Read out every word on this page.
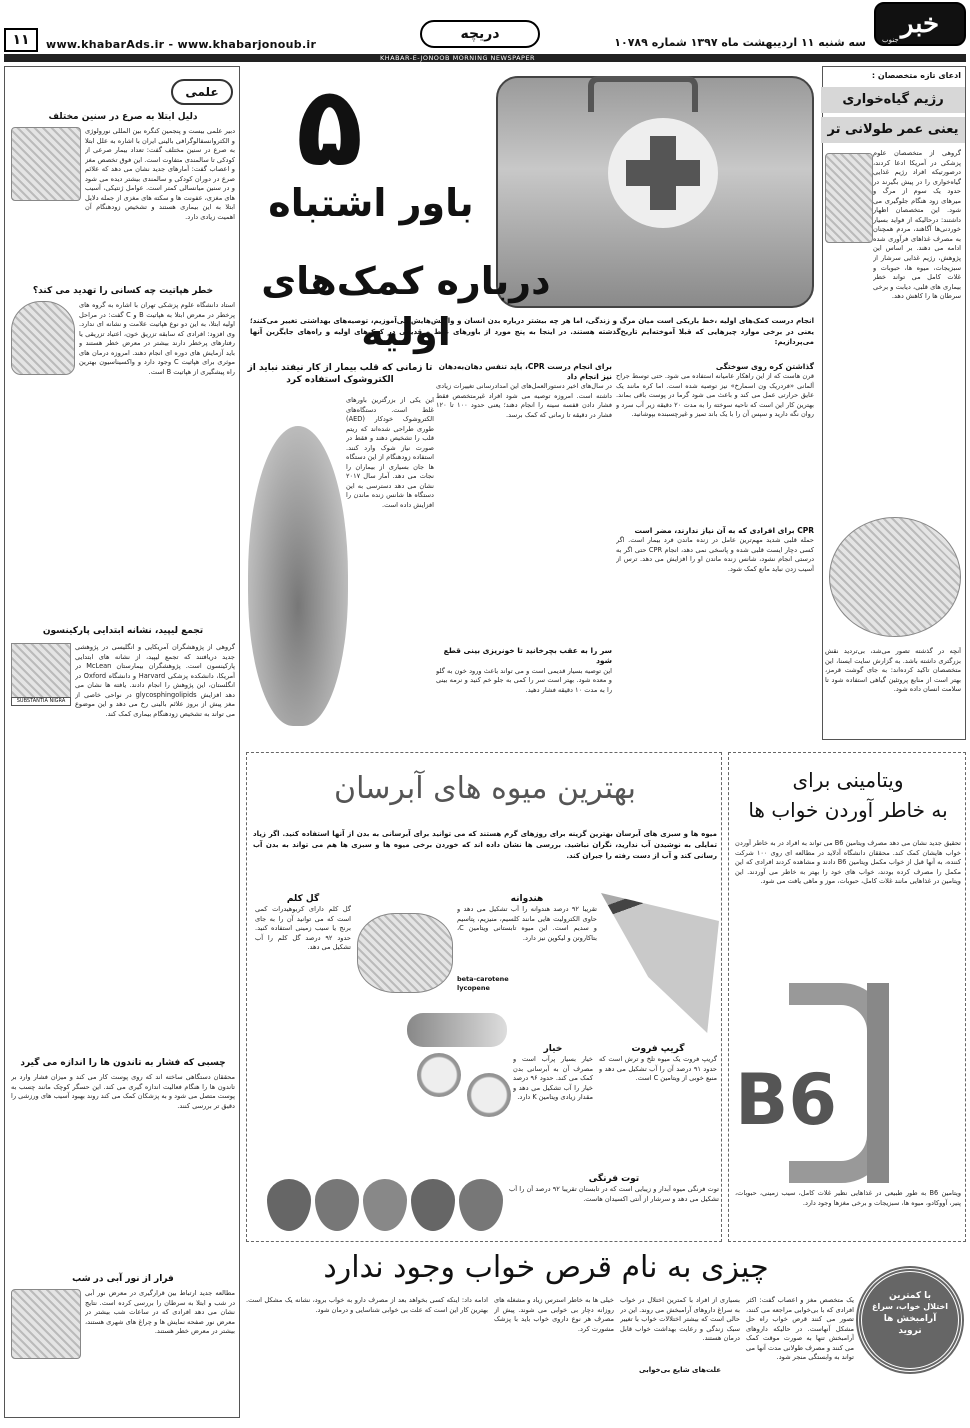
خبر
جنوب
سه شنبه ۱۱ اردیبهشت ماه ۱۳۹۷ شماره ۱۰۷۸۹
دریچه
www.khabarAds.ir - www.khabarjonoub.ir
۱۱
KHABAR-E-JONOOB MORNING NEWSPAPER
علمی
دلیل ابتلا به صرع در سنین مختلف
دبیر علمی بیست و پنجمین کنگره بین المللی نورولوژی و الکتروانسفالوگرافی بالینی ایران با اشاره به علل ابتلا به صرع در سنین مختلف گفت: تعداد بیمار صرعی از کودکی تا سالمندی متفاوت است. این فوق تخصص مغز و اعصاب گفت: آمارهای جدید نشان می دهد که علائم صرع در دوران کودکی و سالمندی بیشتر دیده می شود و در سنین میانسالی کمتر است. عوامل ژنتیکی، آسیب های مغزی، عفونت ها و سکته های مغزی از جمله دلایل ابتلا به این بیماری هستند و تشخیص زودهنگام آن اهمیت زیادی دارد.
خطر هپاتیت چه کسانی را تهدید می کند؟
استاد دانشگاه علوم پزشکی تهران با اشاره به گروه های پرخطر در معرض ابتلا به هپاتیت B و C گفت: در مراحل اولیه ابتلا، به این دو نوع هپاتیت علامت و نشانه ای ندارد. وی افزود: افرادی که سابقه تزریق خون، اعتیاد تزریقی یا رفتارهای پرخطر دارند بیشتر در معرض خطر هستند و باید آزمایش های دوره ای انجام دهند. امروزه درمان های موثری برای هپاتیت C وجود دارد و واکسیناسیون بهترین راه پیشگیری از هپاتیت B است.
تجمع لیپید، نشانه ابتدایی پارکینسون
SUBSTANTIA NIGRA
گروهی از پژوهشگران آمریکایی و انگلیسی در پژوهشی جدید دریافتند که تجمع لیپید، از نشانه های ابتدایی پارکینسون است. پژوهشگران بیمارستان McLean در آمریکا، دانشکده پزشکی Harvard و دانشگاه Oxford در انگلستان، این پژوهش را انجام دادند. یافته ها نشان می دهد افزایش glycosphingolipids در نواحی خاصی از مغز پیش از بروز علائم بالینی رخ می دهد و این موضوع می تواند به تشخیص زودهنگام بیماری کمک کند.
چسبی که فشار به تاندون ها را اندازه می گیرد
محققان دستگاهی ساخته اند که روی پوست کار می کند و میزان فشار وارد بر تاندون ها را هنگام فعالیت اندازه گیری می کند. این حسگر کوچک مانند چسب به پوست متصل می شود و به پزشکان کمک می کند روند بهبود آسیب های ورزشی را دقیق تر بررسی کنند.
فرار از نور آبی در شب
مطالعه جدید ارتباط بین قرارگیری در معرض نور آبی در شب و ابتلا به سرطان را بررسی کرده است. نتایج نشان می دهد افرادی که در ساعات شب بیشتر در معرض نور صفحه نمایش ها و چراغ های شهری هستند، بیشتر در معرض خطر هستند.
۵
باور اشتباه
درباره کمک‌های اولیه
انجام درست کمک‌های اولیه ،خط باریکی است میان مرگ و زندگی، اما هر چه بیشتر درباره بدن انسان و واکنش‌هایش می‌آموزیم، توصیه‌های بهداشتی تغییر می‌کنند؛ یعنی در برخی موارد چیزهایی که قبلا آموخته‌ایم تاریخ‌گذشته هستند. در اینجا به پنج مورد از باورهای غلط و قدیمی در کمک‌های اولیه و راه‌های جایگزین آنها می‌پردازیم:
گذاشتن کره روی سوختگی
قرن هاست که از این راهکار عامیانه استفاده می شود. حتی توسط جراح آلمانی «فردریک ون اسمارخ» نیز توصیه شده است. اما کره مانند یک عایق حرارتی عمل می کند و باعث می شود گرما در پوست باقی بماند. بهترین کار این است که ناحیه سوخته را به مدت ۲۰ دقیقه زیر آب سرد و روان نگه دارید و سپس آن را با یک باند تمیز و غیرچسبنده بپوشانید.
CPR برای افرادی که به آن نیاز ندارند، مضر است
حمله قلبی شدید مهم‌ترین عامل در زنده ماندن فرد بیمار است. اگر کسی دچار ایست قلبی شده و پاسخی نمی دهد، انجام CPR حتی اگر به درستی انجام نشود، شانس زنده ماندن او را افزایش می دهد. ترس از آسیب زدن نباید مانع کمک شود.
برای انجام درست CPR، باید تنفس دهان‌به‌دهان نیز انجام داد
در سال‌های اخیر دستورالعمل‌های این امدادرسانی تغییرات زیادی داشته است. امروزه توصیه می شود افراد غیرمتخصص فقط فشار دادن قفسه سینه را انجام دهند؛ یعنی حدود ۱۰۰ تا ۱۲۰ فشار در دقیقه تا زمانی که کمک برسد.
سر را به عقب بچرخانید تا خونریزی بینی قطع شود
این توصیه بسیار قدیمی است و می تواند باعث ورود خون به گلو و معده شود. بهتر است سر را کمی به جلو خم کنید و نرمه بینی را به مدت ۱۰ دقیقه فشار دهید.
تا زمانی که قلب بیمار از کار نیفتد نباید از الکتروشوک استفاده کرد
این یکی از بزرگترین باورهای غلط است. دستگاه‌های الکتروشوک خودکار (AED) طوری طراحی شده‌اند که ریتم قلب را تشخیص دهند و فقط در صورت نیاز شوک وارد کنند. استفاده زودهنگام از این دستگاه ها جان بسیاری از بیماران را نجات می دهد. آمار سال ۲۰۱۷ نشان می دهد دسترسی به این دستگاه ها شانس زنده ماندن را افزایش داده است.
ادعای تازه متخصصان :
رژیم گیاه‌خواری
یعنی عمر طولانی تر
گروهی از متخصصان علوم پزشکی در آمریکا ادعا کردند، درصورتیکه افراد رژیم غذایی گیاه‌خواری را در پیش بگیرند در حدود یک سوم از مرگ و میرهای زود هنگام جلوگیری می شود. این متخصصان اظهار داشتند: درحالیکه از فواید بسیار خوردنی‌ها آگاهند، مردم همچنان به مصرف غذاهای فرآوری شده ادامه می دهند. بر اساس این پژوهش، رژیم غذایی سرشار از سبزیجات، میوه ها، حبوبات و غلات کامل می تواند خطر بیماری های قلبی، دیابت و برخی سرطان ها را کاهش دهد.
آنچه در گذشته تصور می‌شد، بی‌تردید نقش بزرگتری داشته باشد. به گزارش سایت ایسنا، این متخصصان تاکید کرده‌اند: به جای گوشت قرمز، بهتر است از منابع پروتئین گیاهی استفاده شود تا سلامت انسان داده شود.
بهترین میوه های آبرسان
میوه ها و سبزی های آبرسان بهترین گزینه برای روزهای گرم هستند که می توانید برای آبرسانی به بدن از آنها استفاده کنید. اگر زیاد تمایلی به نوشیدن آب ندارید، نگران نباشید. بررسی ها نشان داده اند که خوردن برخی میوه ها و سبزی ها هم می تواند به بدن آب رسانی کند و آب از دست رفته را جبران کند.
هندوانه
تقریبا ۹۲ درصد هندوانه را آب تشکیل می دهد و حاوی الکترولیت هایی مانند کلسیم، منیزیم، پتاسیم و سدیم است. این میوه تابستانی ویتامین C، بتاکاروتن و لیکوپن نیز دارد.
beta-carotene
lycopene
گل کلم
گل کلم دارای کربوهیدرات کمی است که می توانید آن را به جای برنج یا سیب زمینی استفاده کنید. حدود ۹۲ درصد گل کلم را آب تشکیل می دهد.
خیار
خیار بسیار پرآب است و مصرف آن به آبرسانی بدن کمک می کند. حدود ۹۶ درصد خیار را آب تشکیل می دهد و مقدار زیادی ویتامین K دارد.
گریپ فروت
گریپ فروت یک میوه تلخ و ترش است که حدود ۹۱ درصد آن را آب تشکیل می دهد و منبع خوبی از ویتامین C است.
توت فرنگی
توت فرنگی میوه آبدار و زیبایی است که در تابستان تقریبا ۹۲ درصد آن را آب تشکیل می دهد و سرشار از آنتی اکسیدان هاست.
ویتامینی برای
به خاطر آوردن خواب ها
تحقیق جدید نشان می دهد مصرف ویتامین B6 می تواند به افراد در به خاطر آوردن خواب هایشان کمک کند. محققان دانشگاه آدلاید در مطالعه ای روی ۱۰۰ شرکت کننده، به آنها قبل از خواب مکمل ویتامین B6 دادند و مشاهده کردند افرادی که این مکمل را مصرف کرده بودند، خواب های خود را بهتر به خاطر می آوردند. این ویتامین در غذاهایی مانند غلات کامل، حبوبات، موز و ماهی یافت می شود.
B6
ویتامین B6 به طور طبیعی در غذاهایی نظیر غلات کامل، سیب زمینی، حبوبات، پنیر، آووکادو، میوه ها، سبزیجات و برخی مغزها وجود دارد.
چیزی به نام قرص خواب وجود ندارد
با کمترین
اختلال خواب، سراغ
آرامبخش ها
نروید
یک متخصص مغز و اعصاب گفت: اکثر افرادی که با بی‌خوابی مراجعه می کنند، تصور می کنند قرص خواب راه حل مشکل آنهاست. در حالیکه داروهای آرامبخش تنها به صورت موقت کمک می کنند و مصرف طولانی مدت آنها می تواند به وابستگی منجر شود.
بسیاری از افراد با کمترین اختلال در خواب به سراغ داروهای آرامبخش می روند. این در حالی است که بیشتر اختلالات خواب با تغییر سبک زندگی و رعایت بهداشت خواب قابل درمان هستند.
علت‌های شایع بی‌خوابی
خیلی ها به خاطر استرس زیاد و مشغله های روزانه دچار بی خوابی می شوند. پیش از مصرف هر نوع داروی خواب باید با پزشک مشورت کرد.
ادامه داد: اینکه کسی بخواهد بعد از مصرف دارو به خواب برود، نشانه یک مشکل است. بهترین کار این است که علت بی خوابی شناسایی و درمان شود.
